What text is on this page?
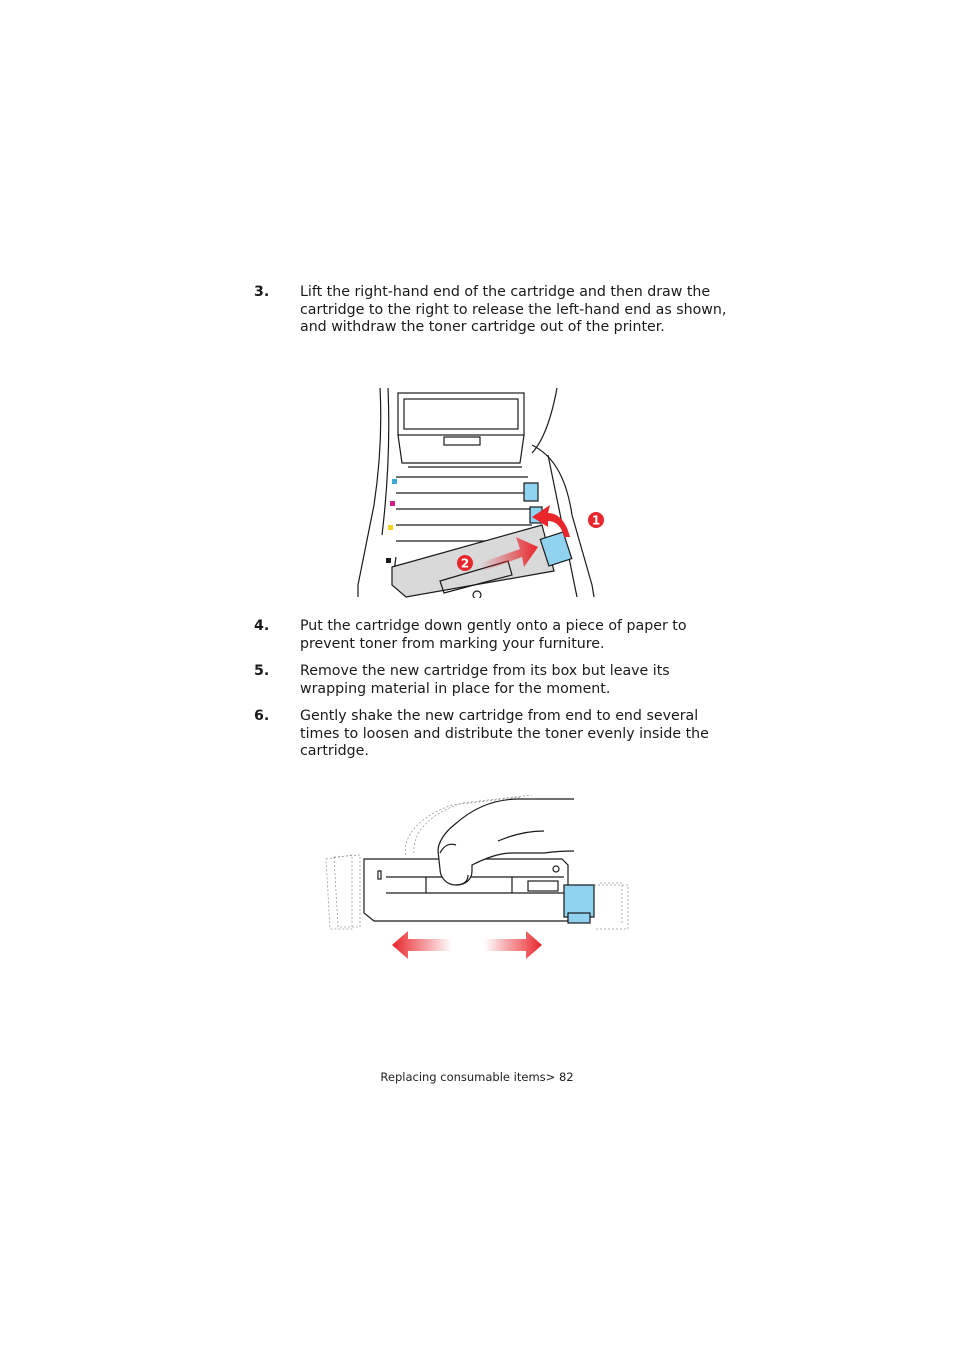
3. Lift the right-hand end of the cartridge and then draw the cartridge to the right to release the left-hand end as shown, and withdraw the toner cartridge out of the printer.
1
2
4. Put the cartridge down gently onto a piece of paper to prevent toner from marking your furniture.
5. Remove the new cartridge from its box but leave its wrapping material in place for the moment.
6. Gently shake the new cartridge from end to end several times to loosen and distribute the toner evenly inside the cartridge.
Replacing consumable items> 82
